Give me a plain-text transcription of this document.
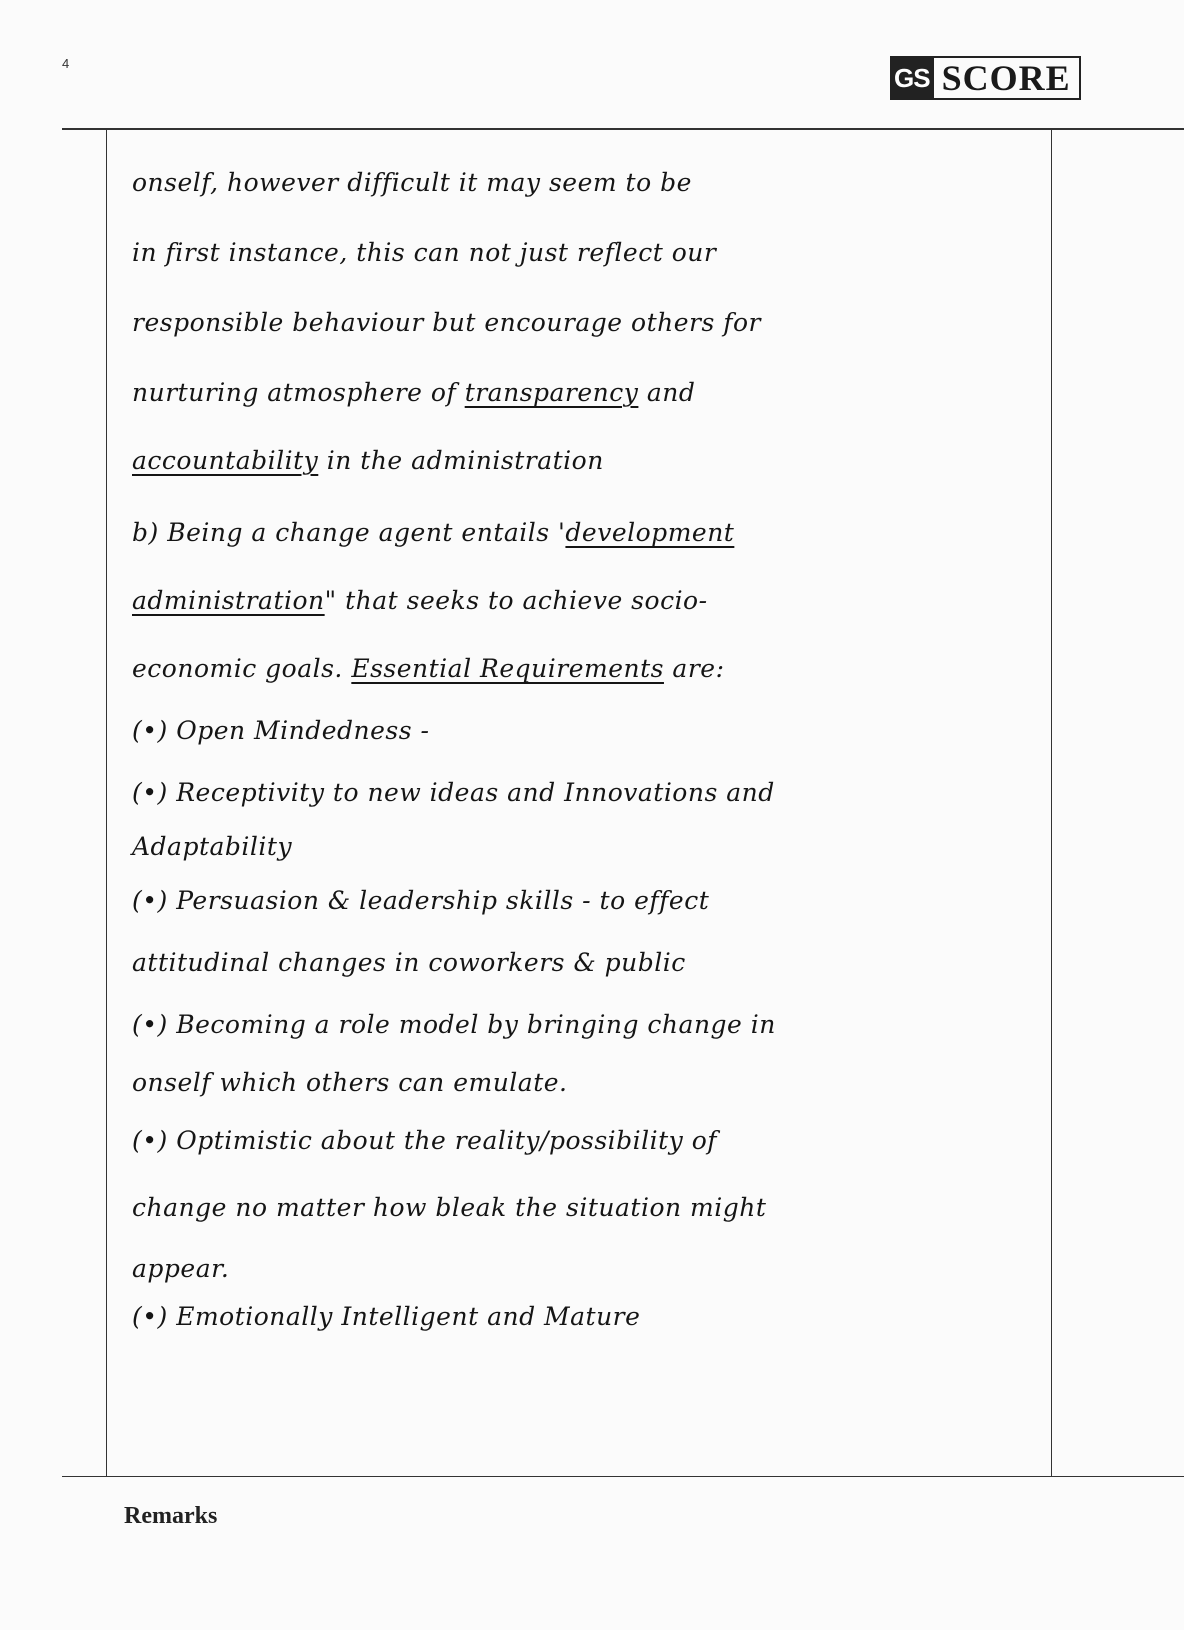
4	GS SCORE
onself, however difficult it may seem to be
in first instance, this can not just reflect our
responsible behaviour but encourage others for
nurturing atmosphere of transparency and
accountability in the administration
b) Being a change agent entails 'development
administration" that seeks to achieve socio-
economic goals. Essential Requirements are:
(•) Open Mindedness -
(•) Receptivity to new ideas and Innovations and
Adaptability
(•) Persuasion & leadership skills - to effect
attitudinal changes in coworkers & public
(•) Becoming a role model by bringing change in
onself which others can emulate.
(•) Optimistic about the reality/possibility of
change no matter how bleak the situation might
appear.
(•) Emotionally Intelligent and Mature
Remarks
